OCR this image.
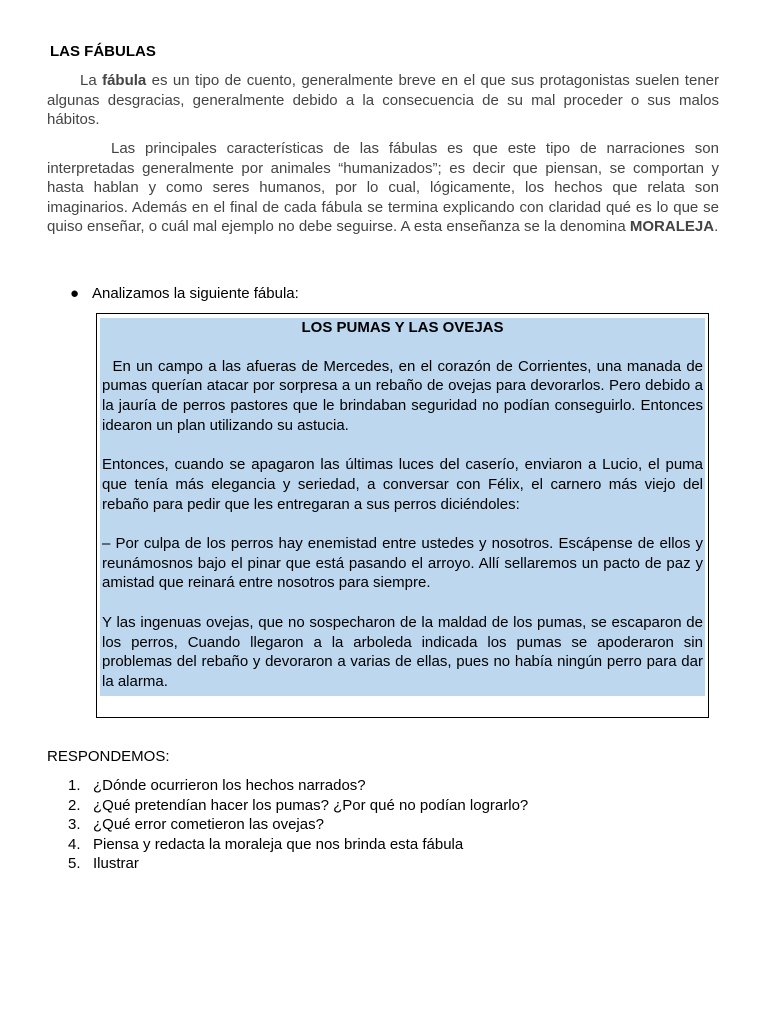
LAS FÁBULAS

La fábula es un tipo de cuento, generalmente breve en el que sus protagonistas suelen tener algunas desgracias, generalmente debido a la consecuencia de su mal proceder o sus malos hábitos.

Las principales características de las fábulas es que este tipo de narraciones son interpretadas generalmente por animales “humanizados”; es decir que piensan, se comportan y hasta hablan y como seres humanos, por lo cual, lógicamente, los hechos que relata son imaginarios. Además en el final de cada fábula se termina explicando con claridad qué es lo que se quiso enseñar, o cuál mal ejemplo no debe seguirse. A esta enseñanza se la denomina MORALEJA.

● Analizamos la siguiente fábula:

LOS PUMAS Y LAS OVEJAS

En un campo a las afueras de Mercedes, en el corazón de Corrientes, una manada de pumas querían atacar por sorpresa a un rebaño de ovejas para devorarlos. Pero debido a la jauría de perros pastores que le brindaban seguridad no podían conseguirlo. Entonces idearon un plan utilizando su astucia.

Entonces, cuando se apagaron las últimas luces del caserío, enviaron a Lucio, el puma que tenía más elegancia y seriedad, a conversar con Félix, el carnero más viejo del rebaño para pedir que les entregaran a sus perros diciéndoles:

– Por culpa de los perros hay enemistad entre ustedes y nosotros. Escápense de ellos y reunámosnos bajo el pinar que está pasando el arroyo. Allí sellaremos un pacto de paz y amistad que reinará entre nosotros para siempre.

Y las ingenuas ovejas, que no sospecharon de la maldad de los pumas, se escaparon de los perros, Cuando llegaron a la arboleda indicada los pumas se apoderaron sin problemas del rebaño y devoraron a varias de ellas, pues no había ningún perro para dar la alarma.

RESPONDEMOS:

1. ¿Dónde ocurrieron los hechos narrados?
2. ¿Qué pretendían hacer los pumas? ¿Por qué no podían lograrlo?
3. ¿Qué error cometieron las ovejas?
4. Piensa y redacta la moraleja que nos brinda esta fábula
5. Ilustrar
